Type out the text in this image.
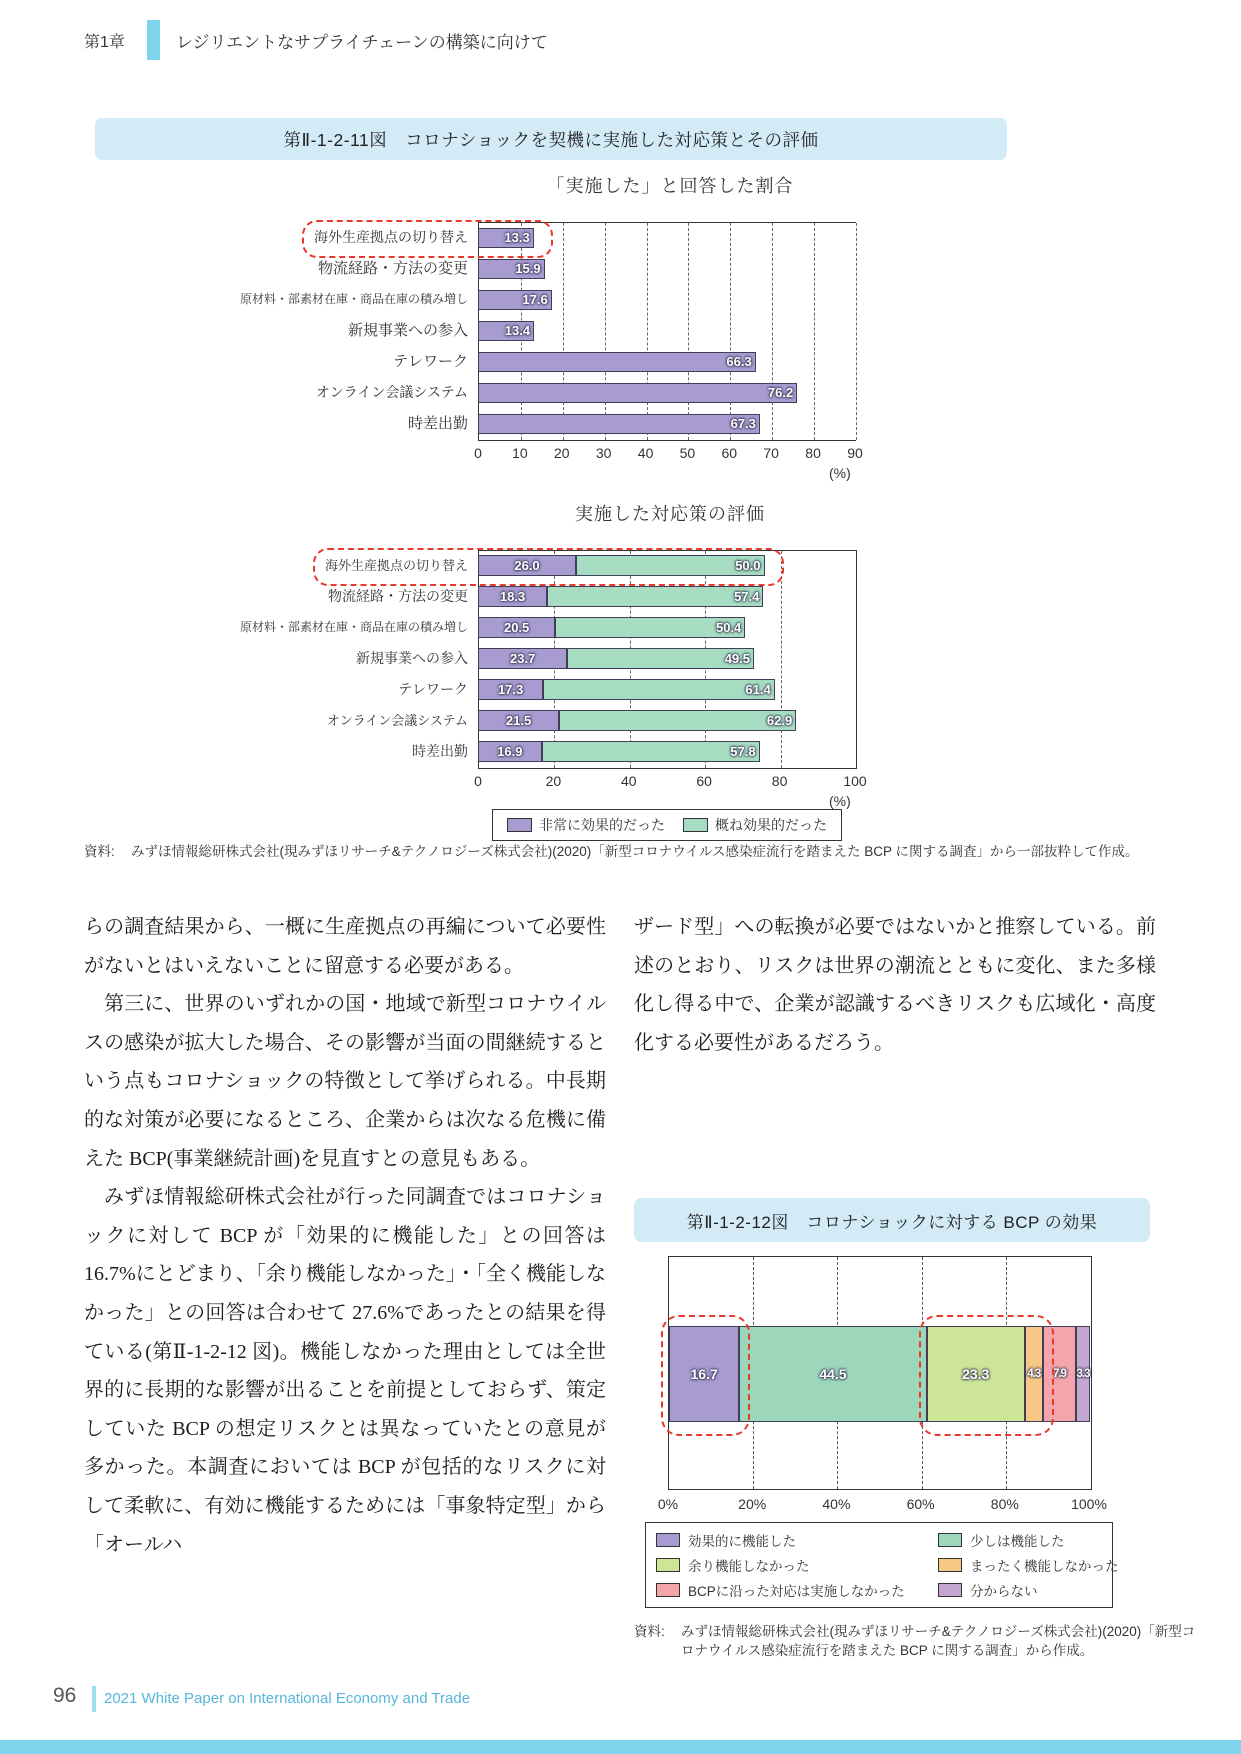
第1章	レジリエントなサプライチェーンの構築に向けて
第Ⅱ-1-2-11図　コロナショックを契機に実施した対応策とその評価
「実施した」と回答した割合
海外生産拠点の切り替え	13.3
物流経路・方法の変更	15.9
原材料・部素材在庫・商品在庫の積み増し	17.6
新規事業への参入	13.4
テレワーク	66.3
オンライン会議システム	76.2
時差出勤	67.3
0 10 20 30 40 50 60 70 80 90
(%)
実施した対応策の評価
海外生産拠点の切り替え	26.0	50.0
物流経路・方法の変更	18.3	57.4
原材料・部素材在庫・商品在庫の積み増し	20.5	50.4
新規事業への参入	23.7	49.5
テレワーク	17.3	61.4
オンライン会議システム	21.5	62.9
時差出勤	16.9	57.8
0	20	40	60	80	100
(%)
非常に効果的だった	概ね効果的だった
資料: みずほ情報総研株式会社(現みずほリサーチ&テクノロジーズ株式会社)(2020)「新型コロナウイルス感染症流行を踏まえた BCP に関する調査」から一部抜粋して作成。

らの調査結果から、一概に生産拠点の再編について必要性がないとはいえないことに留意する必要がある。

第三に、世界のいずれかの国・地域で新型コロナウイルスの感染が拡大した場合、その影響が当面の間継続するという点もコロナショックの特徴として挙げられる。中長期的な対策が必要になるところ、企業からは次なる危機に備えた BCP(事業継続計画)を見直すとの意見もある。

みずほ情報総研株式会社が行った同調査ではコロナショックに対して BCP が「効果的に機能した」との回答は 16.7%にとどまり、「余り機能しなかった」・「全く機能しなかった」との回答は合わせて 27.6%であったとの結果を得ている(第Ⅱ-1-2-12 図)。機能しなかった理由としては全世界的に長期的な影響が出ることを前提としておらず、策定していた BCP の想定リスクとは異なっていたとの意見が多かった。本調査においては BCP が包括的なリスクに対して柔軟に、有効に機能するためには「事象特定型」から「オールハ

ザード型」への転換が必要ではないかと推察している。前述のとおり、リスクは世界の潮流とともに変化、また多様化し得る中で、企業が認識するべきリスクも広域化・高度化する必要性があるだろう。

第Ⅱ-1-2-12図　コロナショックに対する BCP の効果
16.7	44.5	23.3	4.3	7.9 3.3
0%	20%	40%	60%	80%	100%
効果的に機能した	少しは機能した
余り機能しなかった	まったく機能しなかった
BCPに沿った対応は実施しなかった	分からない
資料: みずほ情報総研株式会社(現みずほリサーチ&テクノロジーズ株式会社)(2020)「新型コロナウイルス感染症流行を踏まえた BCP に関する調査」から作成。
96 2021 White Paper on International Economy and Trade
